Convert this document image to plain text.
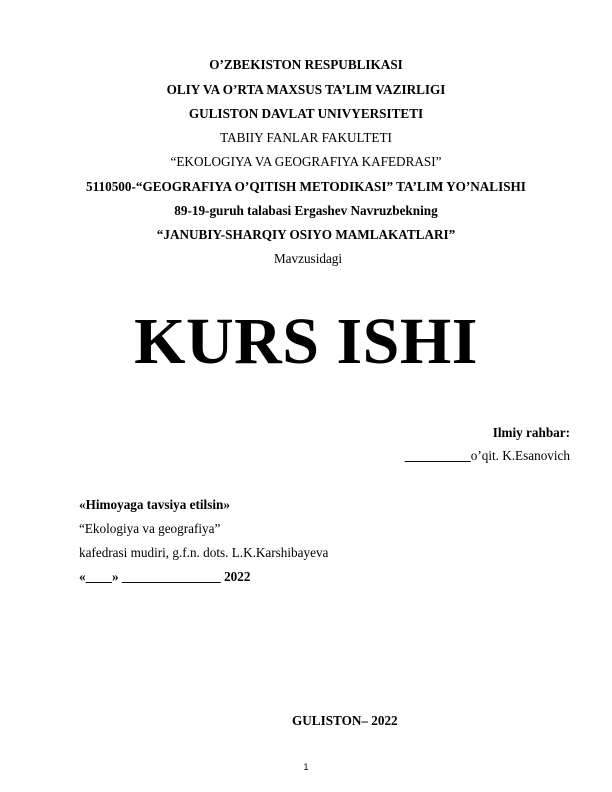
O’ZBEKISTON RESPUBLIKASI
OLIY VA O’RTA MAXSUS TA’LIM VAZIRLIGI
GULISTON DAVLAT UNIVYERSITETI
TABIIY FANLAR FAKULTETI
“EKOLOGIYA VA GEOGRAFIYA KAFEDRASI”
5110500-“GEOGRAFIYA O’QITISH METODIKASI” TA’LIM YO’NALISHI
89-19-guruh talabasi Ergashev Navruzbekning
“JANUBIY-SHARQIY OSIYO MAMLAKATLARI”
Mavzusidagi
KURS ISHI
Ilmiy rahbar:
__________o’qit. K.Esanovich
«Himoyaga tavsiya etilsin»
“Ekologiya va geografiya”
kafedrasi mudiri, g.f.n. dots. L.K.Karshibayeva
«____» _______________ 2022
GULISTON– 2022
1
